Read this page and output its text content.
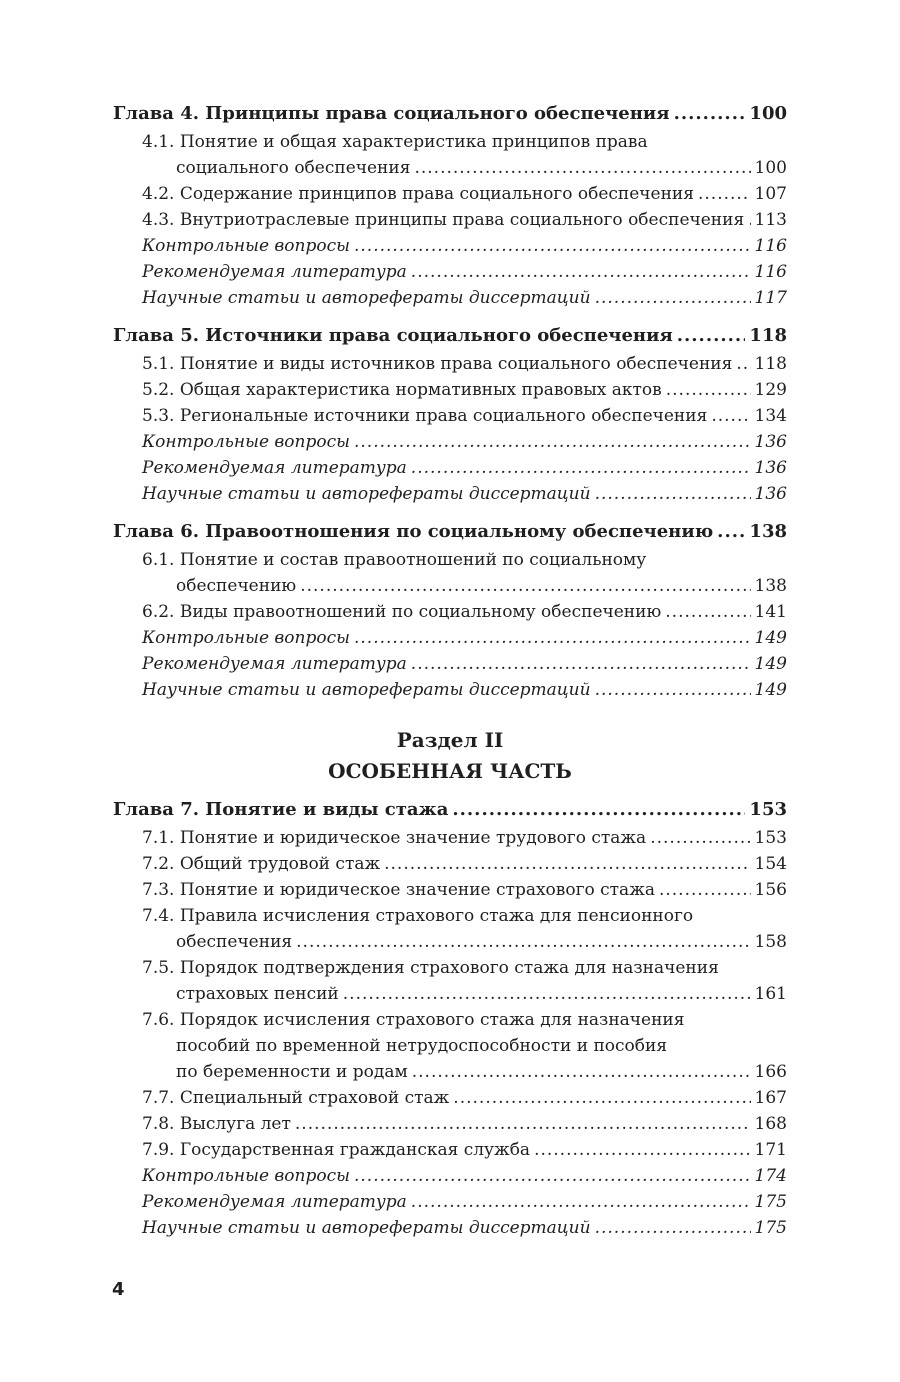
Глава 4. Принципы права социального обеспечения .....	100
4.1. Понятие и общая характеристика принципов права
социального обеспечения .....	100
4.2. Содержание принципов права социального обеспечения .....	107
4.3. Внутриотраслевые принципы права социального обеспечения ..... 113
Контрольные вопросы .....	116
Рекомендуемая литература .....	116
Научные статьи и авторефераты диссертаций .....	117
Глава 5. Источники права социального обеспечения .....	118
5.1. Понятие и виды источников права социального обеспечения ..... 118
5.2. Общая характеристика нормативных правовых актов .....	129
5.3. Региональные источники права социального обеспечения .....	134
Контрольные вопросы .....	136
Рекомендуемая литература .....	136
Научные статьи и авторефераты диссертаций .....	136
Глава 6. Правоотношения по социальному обеспечению ..... 138
6.1. Понятие и состав правоотношений по социальному
обеспечению .....	138
6.2. Виды правоотношений по социальному обеспечению .....	141
Контрольные вопросы .....	149
Рекомендуемая литература .....	149
Научные статьи и авторефераты диссертаций .....	149
Раздел II
ОСОБЕННАЯ ЧАСТЬ
Глава 7. Понятие и виды стажа .....	153
7.1. Понятие и юридическое значение трудового стажа .....	153
7.2. Общий трудовой стаж .....	154
7.3. Понятие и юридическое значение страхового стажа .....	156
7.4. Правила исчисления страхового стажа для пенсионного
обеспечения .....	158
7.5. Порядок подтверждения страхового стажа для назначения
страховых пенсий .....	161
7.6. Порядок исчисления страхового стажа для назначения
пособий по временной нетрудоспособности и пособия
по беременности и родам .....	166
7.7. Специальный страховой стаж .....	167
7.8. Выслуга лет .....	168
7.9. Государственная гражданская служба .....	171
Контрольные вопросы .....	174
Рекомендуемая литература .....	175
Научные статьи и авторефераты диссертаций .....	175
4
